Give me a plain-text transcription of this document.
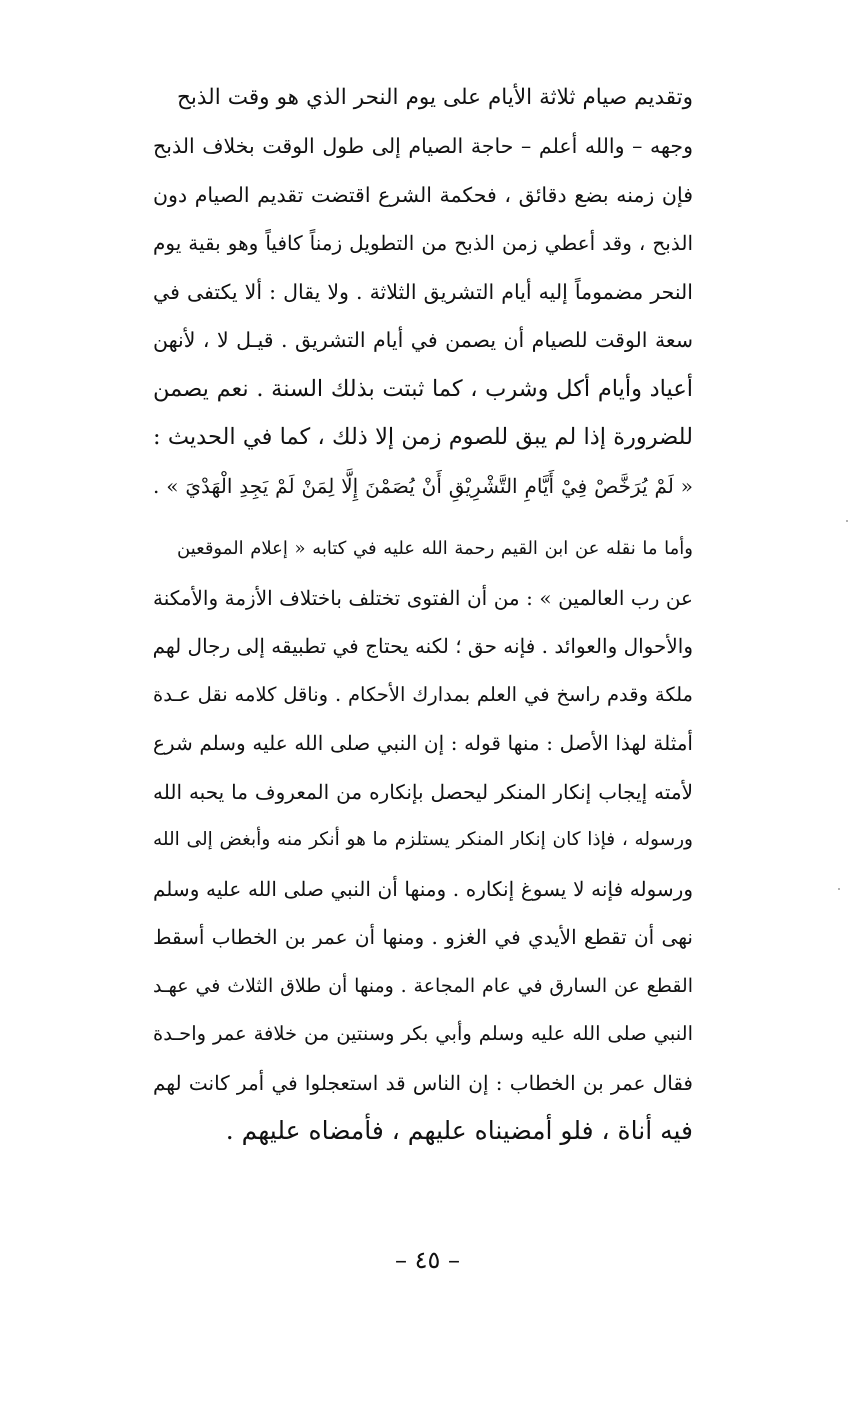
وتقديم صيام ثلاثة الأيام على يوم النحر الذي هو وقت الذبح
وجهه – والله أعلم – حاجة الصيام إلى طول الوقت بخلاف الذبح
فإن زمنه بضع دقائق ، فحكمة الشرع اقتضت تقديم الصيام دون
الذبح ، وقد أعطي زمن الذبح من التطويل زمناً كافياً وهو بقية يوم
النحر مضموماً إليه أيام التشريق الثلاثة . ولا يقال : ألا يكتفى في
سعة الوقت للصيام أن يصمن في أيام التشريق . قيـل لا ، لأنهن
أعياد وأيام أكل وشرب ، كما ثبتت بذلك السنة . نعم يصمن
للضرورة إذا لم يبق للصوم زمن إلا ذلك ، كما في الحديث :
« لَمْ يُرَخَّصْ فِيْ أَيَّامِ التَّشْرِيْقِ أَنْ يُصَمْنَ إِلَّا لِمَنْ لَمْ يَجِدِ الْهَدْيَ » .
وأما ما نقله عن ابن القيم رحمة الله عليه في كتابه « إعلام الموقعين
عن رب العالمين » : من أن الفتوى تختلف باختلاف الأزمة والأمكنة
والأحوال والعوائد . فإنه حق ؛ لكنه يحتاج في تطبيقه إلى رجال لهم
ملكة وقدم راسخ في العلم بمدارك الأحكام . وناقل كلامه نقل عـدة
أمثلة لهذا الأصل : منها قوله : إن النبي صلى الله عليه وسلم شرع
لأمته إيجاب إنكار المنكر ليحصل بإنكاره من المعروف ما يحبه الله
ورسوله ، فإذا كان إنكار المنكر يستلزم ما هو أنكر منه وأبغض إلى الله
ورسوله فإنه لا يسوغ إنكاره . ومنها أن النبي صلى الله عليه وسلم
نهى أن تقطع الأيدي في الغزو . ومنها أن عمر بن الخطاب أسقط
القطع عن السارق في عام المجاعة . ومنها أن طلاق الثلاث في عهـد
النبي صلى الله عليه وسلم وأبي بكر وسنتين من خلافة عمر واحـدة
فقال عمر بن الخطاب : إن الناس قد استعجلوا في أمر كانت لهم
فيه أناة ، فلو أمضيناه عليهم ، فأمضاه عليهم .
– ٤٥ –
